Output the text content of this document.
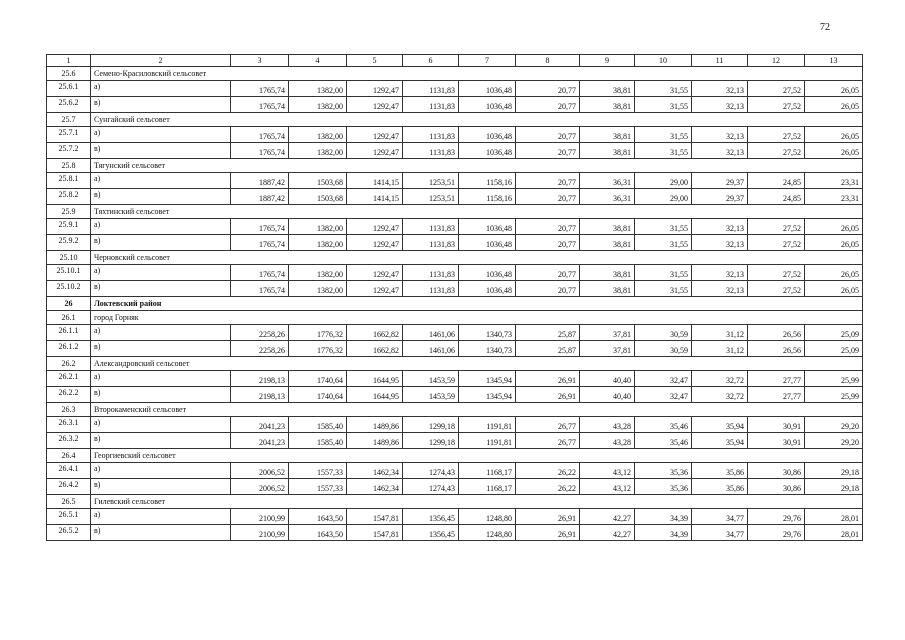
72
1	2	3	4	5	6	7	8	9	10	11	12	13
25.6	Семено-Красиловский сельсовет											
25.6.1	а)	1765,74	1382,00	1292,47	1131,83	1036,48	20,77	38,81	31,55	32,13	27,52	26,05
25.6.2	в)	1765,74	1382,00	1292,47	1131,83	1036,48	20,77	38,81	31,55	32,13	27,52	26,05
25.7	Сунгайский сельсовет											
25.7.1	а)	1765,74	1382,00	1292,47	1131,83	1036,48	20,77	38,81	31,55	32,13	27,52	26,05
25.7.2	в)	1765,74	1382,00	1292,47	1131,83	1036,48	20,77	38,81	31,55	32,13	27,52	26,05
25.8	Тягунский сельсовет											
25.8.1	а)	1887,42	1503,68	1414,15	1253,51	1158,16	20,77	36,31	29,00	29,37	24,85	23,31
25.8.2	в)	1887,42	1503,68	1414,15	1253,51	1158,16	20,77	36,31	29,00	29,37	24,85	23,31
25.9	Тяхтинский сельсовет											
25.9.1	а)	1765,74	1382,00	1292,47	1131,83	1036,48	20,77	38,81	31,55	32,13	27,52	26,05
25.9.2	в)	1765,74	1382,00	1292,47	1131,83	1036,48	20,77	38,81	31,55	32,13	27,52	26,05
25.10	Черновский сельсовет											
25.10.1	а)	1765,74	1382,00	1292,47	1131,83	1036,48	20,77	38,81	31,55	32,13	27,52	26,05
25.10.2	в)	1765,74	1382,00	1292,47	1131,83	1036,48	20,77	38,81	31,55	32,13	27,52	26,05
26	Локтевский район											
26.1	город Горняк											
26.1.1	а)	2258,26	1776,32	1662,82	1461,06	1340,73	25,87	37,81	30,59	31,12	26,56	25,09
26.1.2	в)	2258,26	1776,32	1662,82	1461,06	1340,73	25,87	37,81	30,59	31,12	26,56	25,09
26.2	Александровский сельсовет											
26.2.1	а)	2198,13	1740,64	1644,95	1453,59	1345,94	26,91	40,40	32,47	32,72	27,77	25,99
26.2.2	в)	2198,13	1740,64	1644,95	1453,59	1345,94	26,91	40,40	32,47	32,72	27,77	25,99
26.3	Второкаменский сельсовет											
26.3.1	а)	2041,23	1585,40	1489,86	1299,18	1191,81	26,77	43,28	35,46	35,94	30,91	29,20
26.3.2	в)	2041,23	1585,40	1489,86	1299,18	1191,81	26,77	43,28	35,46	35,94	30,91	29,20
26.4	Георгиевский сельсовет											
26.4.1	а)	2006,52	1557,33	1462,34	1274,43	1168,17	26,22	43,12	35,36	35,86	30,86	29,18
26.4.2	в)	2006,52	1557,33	1462,34	1274,43	1168,17	26,22	43,12	35,36	35,86	30,86	29,18
26.5	Гилевский сельсовет											
26.5.1	а)	2100,99	1643,50	1547,81	1356,45	1248,80	26,91	42,27	34,39	34,77	29,76	28,01
26.5.2	в)	2100,99	1643,50	1547,81	1356,45	1248,80	26,91	42,27	34,39	34,77	29,76	28,01
